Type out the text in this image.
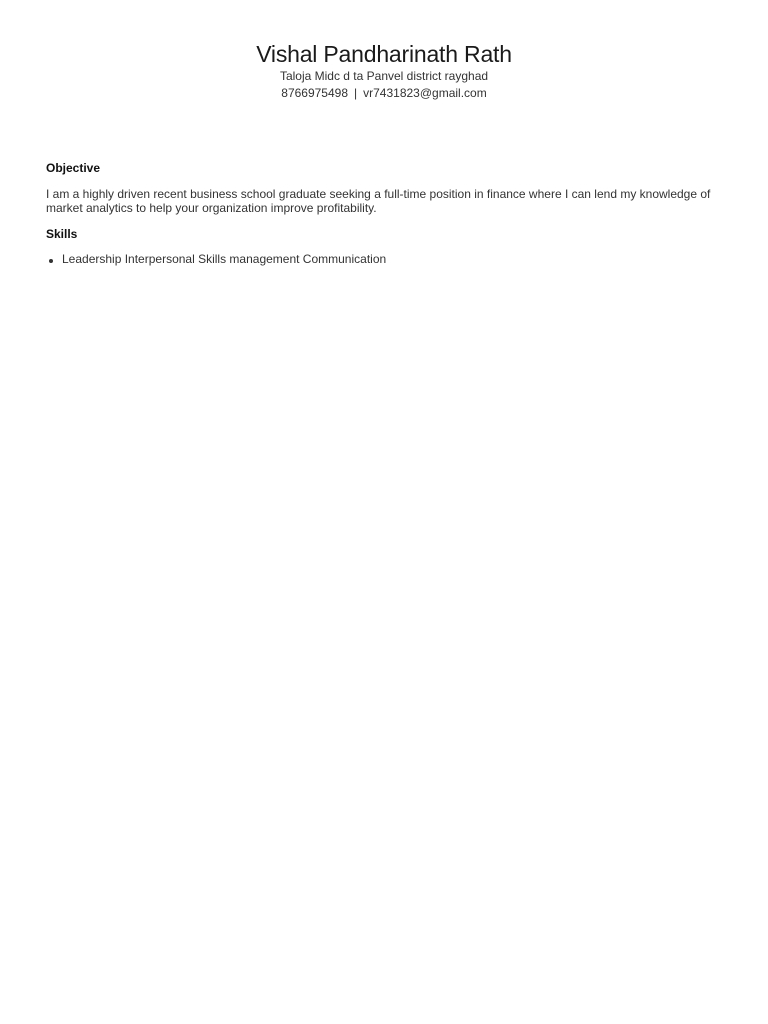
Vishal Pandharinath Rath
Taloja Midc d ta Panvel district rayghad
8766975498 | vr7431823@gmail.com
Objective
I am a highly driven recent business school graduate seeking a full-time position in finance where I can lend my knowledge of market analytics to help your organization improve profitability.
Skills
Leadership Interpersonal Skills management Communication
